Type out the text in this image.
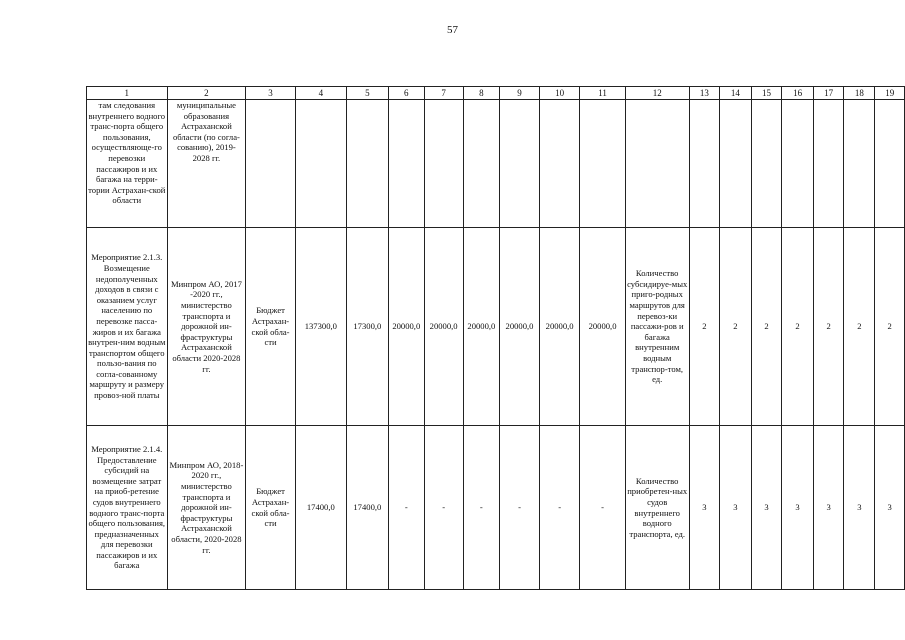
57
1	2	3	4	5	6	7	8	9	10	11	12	13	14	15	16	17	18	19
там следования внутреннего водного транс-порта общего пользования, осуществляюще-го перевозки пассажиров и их багажа на терри-тории Астрахан-ской области	муниципальные образования Астраханской области (по согла-сованию), 2019-2028 гг.																	
Мероприятие 2.1.3. Возмещение недополученных доходов в связи с оказанием услуг населению по перевозке пасса-жиров и их багажа внутрен-ним водным транспортом общего пользо-вания по согла-сованному маршруту и размеру провоз-ной платы	Минпром АО, 2017 -2020 гг., министерство транспорта и дорожной ин-фраструктуры Астраханской области 2020-2028 гг.	Бюджет Астрахан-ской обла-сти	137300,0	17300,0	20000,0	20000,0	20000,0	20000,0	20000,0	20000,0	Количество субсидируе-мых приго-родных маршрутов для перевоз-ки пассажи-ров и багажа внутренним водным транспор-том, ед.	2	2	2	2	2	2	2
Мероприятие 2.1.4. Предоставление субсидий на возмещение затрат на приоб-ретение судов внутреннего водного транс-порта общего пользования, предназначенных для перевозки пассажиров и их багажа	Минпром АО, 2018-2020 гг., министерство транспорта и дорожной ин-фраструктуры Астраханской области, 2020-2028 гг.	Бюджет Астрахан-ской обла-сти	17400,0	17400,0	-	-	-	-	-	-	Количество приобретен-ных судов внутреннего водного транспорта, ед.	3	3	3	3	3	3	3
